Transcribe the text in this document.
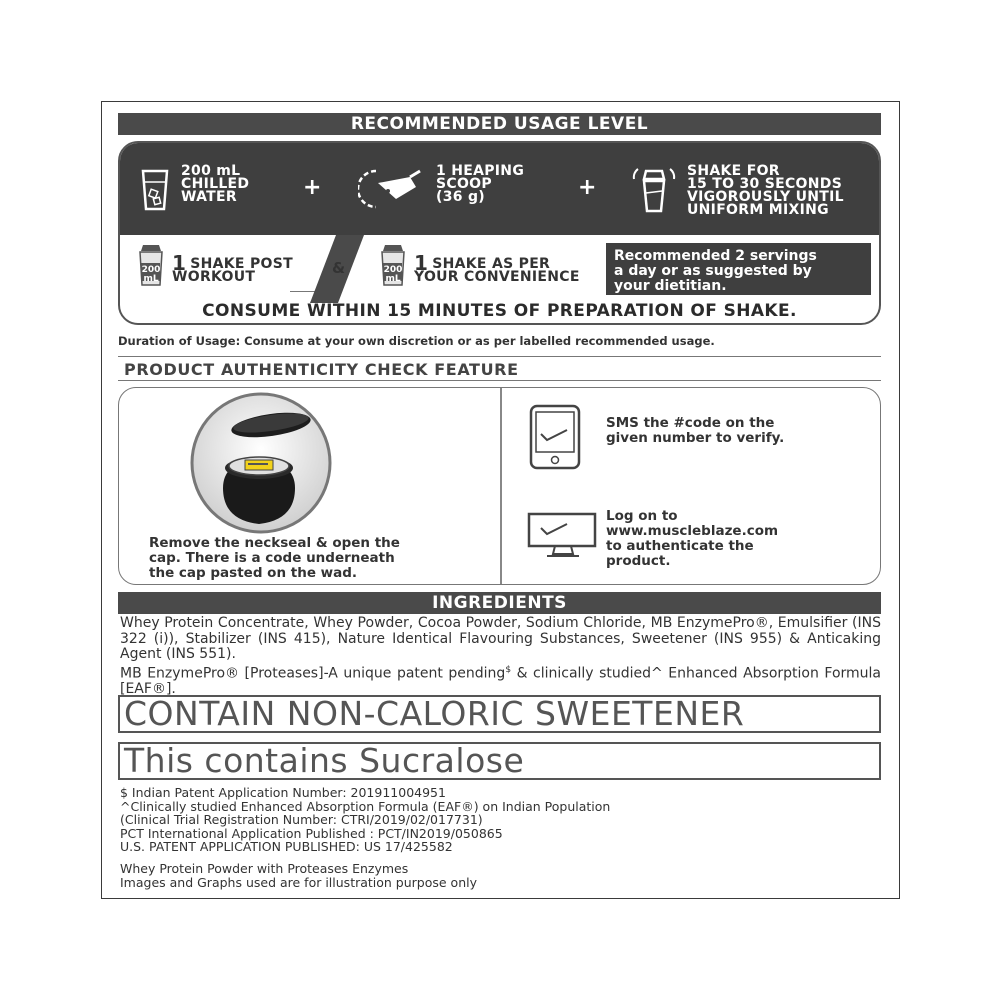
RECOMMENDED USAGE LEVEL
200 mL
CHILLED
WATER	+
1 HEAPING
SCOOP
(36 g)	+
SHAKE FOR
15 TO 30 SECONDS
VIGOROUSLY UNTIL
UNIFORM MIXING
200
mL
1 SHAKE POST
WORKOUT	&	200
mL
1 SHAKE AS PER
YOUR CONVENIENCE
Recommended 2 servings
a day or as suggested by
your dietitian.
CONSUME WITHIN 15 MINUTES OF PREPARATION OF SHAKE.
Duration of Usage: Consume at your own discretion or as per labelled recommended usage.
PRODUCT AUTHENTICITY CHECK FEATURE
Remove the neckseal & open the
cap. There is a code underneath
the cap pasted on the wad.
SMS the #code on the
given number to verify.
Log on to
www.muscleblaze.com
to authenticate the
product.
INGREDIENTS

Whey Protein Concentrate, Whey Powder, Cocoa Powder, Sodium Chloride, MB EnzymePro®, Emulsifier (INS 322 (i)), Stabilizer (INS 415), Nature Identical Flavouring Substances, Sweetener (INS 955) & Anticaking Agent (INS 551).

MB EnzymePro® [Proteases]-A unique patent pending$ & clinically studied^ Enhanced Absorption Formula [EAF®].

CONTAIN NON-CALORIC SWEETENER
This contains Sucralose
$ Indian Patent Application Number: 201911004951
^Clinically studied Enhanced Absorption Formula (EAF®) on Indian Population
(Clinical Trial Registration Number: CTRI/2019/02/017731)
PCT International Application Published : PCT/IN2019/050865
U.S. PATENT APPLICATION PUBLISHED: US 17/425582
Whey Protein Powder with Proteases Enzymes
Images and Graphs used are for illustration purpose only
